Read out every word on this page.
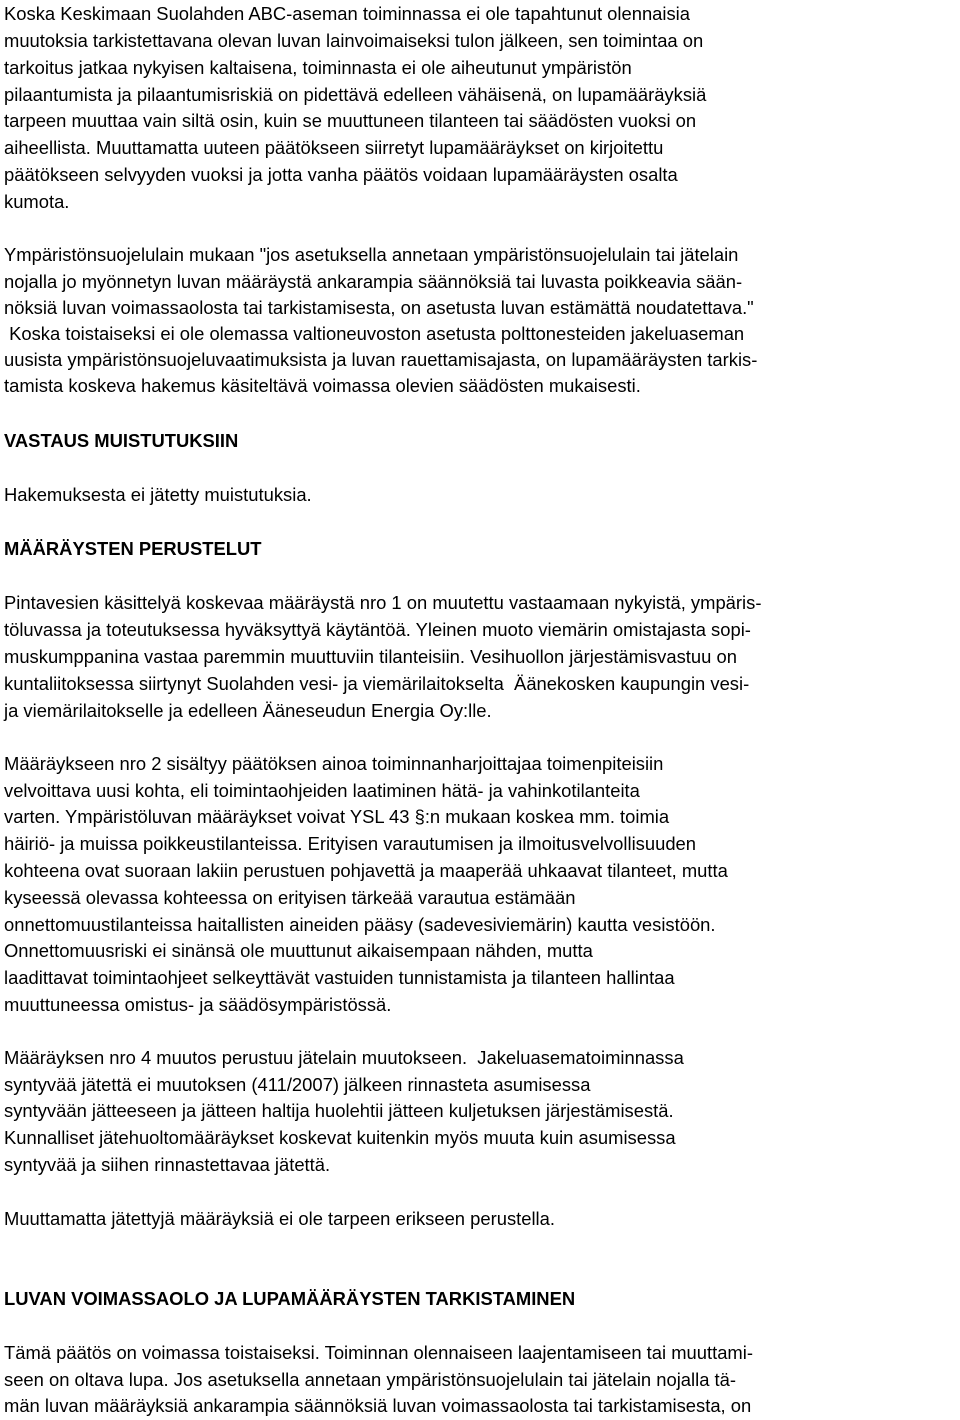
Koska Keskimaan Suolahden ABC-aseman toiminnassa ei ole tapahtunut olennaisia
muutoksia tarkistettavana olevan luvan lainvoimaiseksi tulon jälkeen, sen toimintaa on
tarkoitus jatkaa nykyisen kaltaisena, toiminnasta ei ole aiheutunut ympäristön
pilaantumista ja pilaantumisriskiä on pidettävä edelleen vähäisenä, on lupamääräyksiä
tarpeen muuttaa vain siltä osin, kuin se muuttuneen tilanteen tai säädösten vuoksi on
aiheellista. Muuttamatta uuteen päätökseen siirretyt lupamääräykset on kirjoitettu
päätökseen selvyyden vuoksi ja jotta vanha päätös voidaan lupamääräysten osalta
kumota.
Ympäristönsuojelulain mukaan "jos asetuksella annetaan ympäristönsuojelulain tai jätelain
nojalla jo myönnetyn luvan määräystä ankarampia säännöksiä tai luvasta poikkeavia sään-
nöksiä luvan voimassaolosta tai tarkistamisesta, on asetusta luvan estämättä noudatettava."
Koska toistaiseksi ei ole olemassa valtioneuvoston asetusta polttonesteiden jakeluaseman
uusista ympäristönsuojeluvaatimuksista ja luvan rauettamisajasta, on lupamääräysten tarkis-
tamista koskeva hakemus käsiteltävä voimassa olevien säädösten mukaisesti.
VASTAUS MUISTUTUKSIIN
Hakemuksesta ei jätetty muistutuksia.
MÄÄRÄYSTEN PERUSTELUT
Pintavesien käsittelyä koskevaa määräystä nro 1 on muutettu vastaamaan nykyistä, ympäris-
töluvassa ja toteutuksessa hyväksyttyä käytäntöä. Yleinen muoto viemärin omistajasta sopi-
muskumppanina vastaa paremmin muuttuviin tilanteisiin. Vesihuollon järjestämisvastuu on
kuntaliitoksessa siirtynyt Suolahden vesi- ja viemärilaitokselta  Äänekosken kaupungin vesi-
ja viemärilaitokselle ja edelleen Ääneseudun Energia Oy:lle.
Määräykseen nro 2 sisältyy päätöksen ainoa toiminnanharjoittajaa toimenpiteisiin
velvoittava uusi kohta, eli toimintaohjeiden laatiminen hätä- ja vahinkotilanteita
varten. Ympäristöluvan määräykset voivat YSL 43 §:n mukaan koskea mm. toimia
häiriö- ja muissa poikkeustilanteissa. Erityisen varautumisen ja ilmoitusvelvollisuuden
kohteena ovat suoraan lakiin perustuen pohjavettä ja maaperää uhkaavat tilanteet, mutta
kyseessä olevassa kohteessa on erityisen tärkeää varautua estämään
onnettomuustilanteissa haitallisten aineiden pääsy (sadevesiviemärin) kautta vesistöön.
Onnettomuusriski ei sinänsä ole muuttunut aikaisempaan nähden, mutta
laadittavat toimintaohjeet selkeyttävät vastuiden tunnistamista ja tilanteen hallintaa
muuttuneessa omistus- ja säädösympäristössä.
Määräyksen nro 4 muutos perustuu jätelain muutokseen.  Jakeluasematoiminnassa
syntyvää jätettä ei muutoksen (411/2007) jälkeen rinnasteta asumisessa
syntyvään jätteeseen ja jätteen haltija huolehtii jätteen kuljetuksen järjestämisestä.
Kunnalliset jätehuoltomääräykset koskevat kuitenkin myös muuta kuin asumisessa
syntyvää ja siihen rinnastettavaa jätettä.
Muuttamatta jätettyjä määräyksiä ei ole tarpeen erikseen perustella.
LUVAN VOIMASSAOLO JA LUPAMÄÄRÄYSTEN TARKISTAMINEN
Tämä päätös on voimassa toistaiseksi. Toiminnan olennaiseen laajentamiseen tai muuttami-
seen on oltava lupa. Jos asetuksella annetaan ympäristönsuojelulain tai jätelain nojalla tä-
män luvan määräyksiä ankarampia säännöksiä luvan voimassaolosta tai tarkistamisesta, on
